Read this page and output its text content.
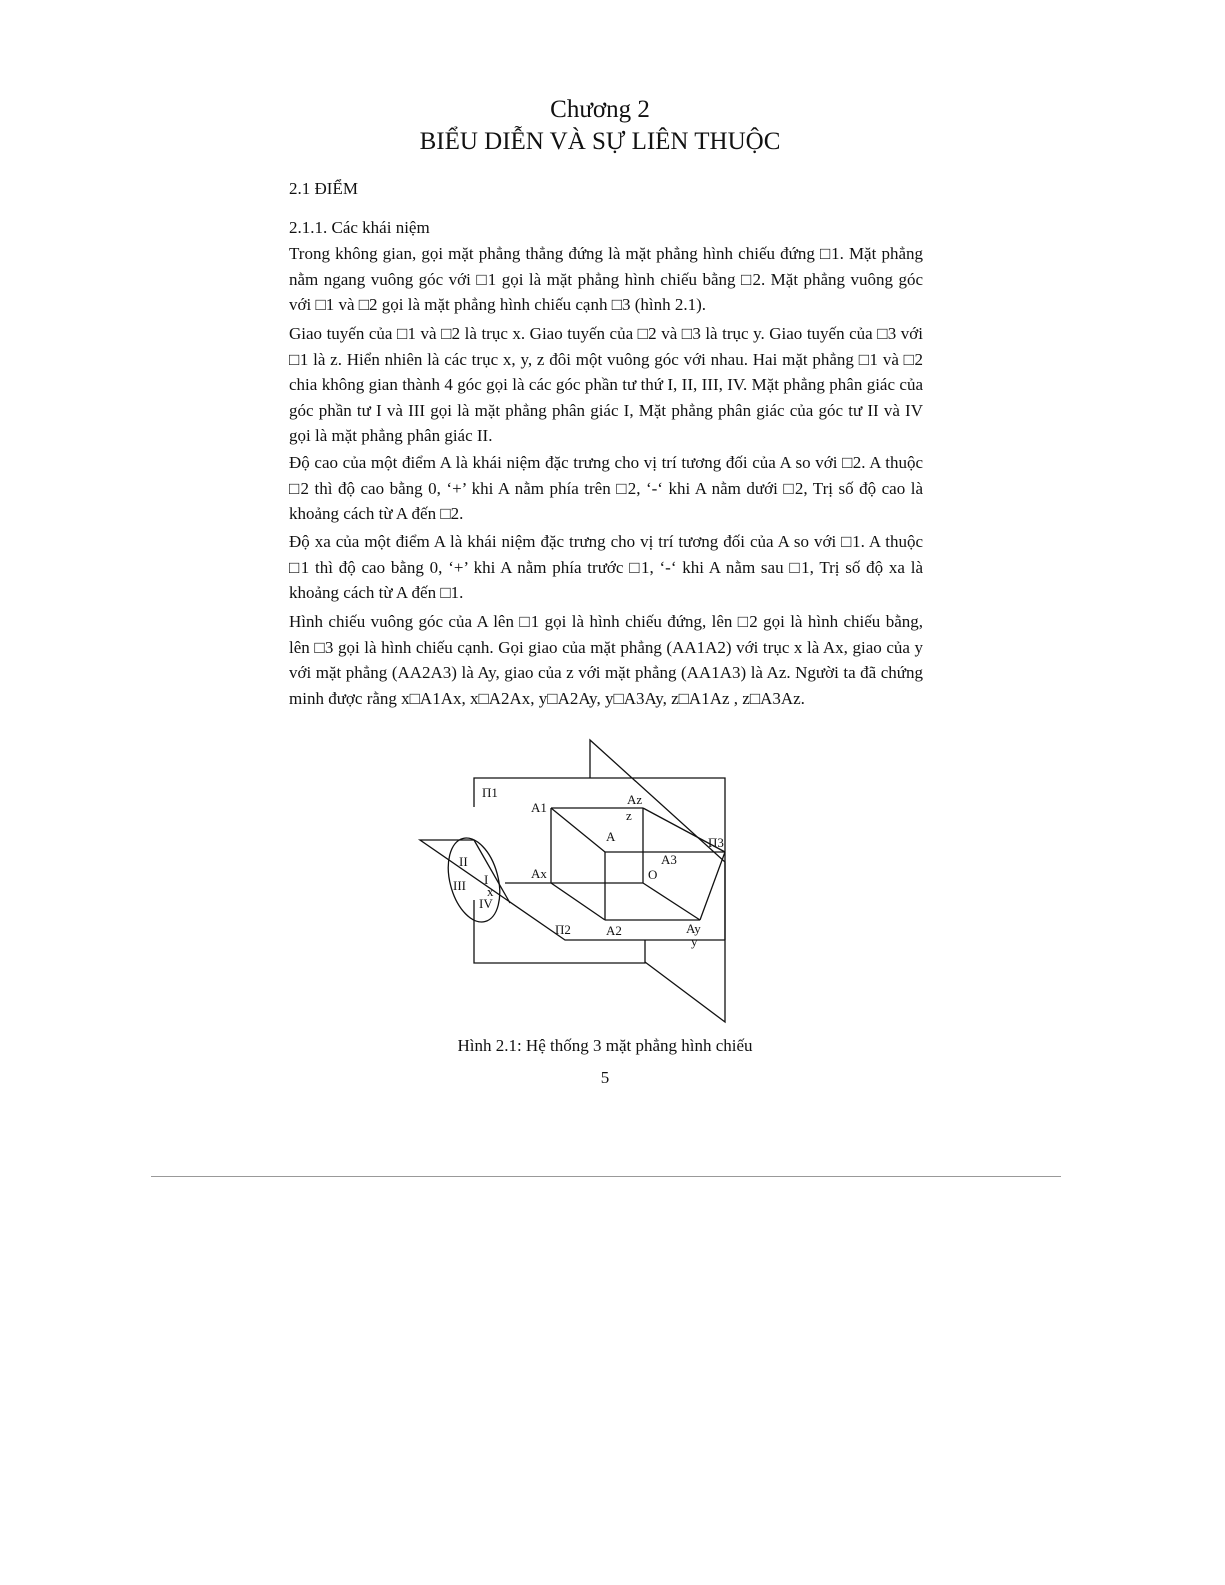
Chương 2
BIỂU DIỄN VÀ SỰ LIÊN THUỘC
2.1 ĐIỂM
2.1.1. Các khái niệm

Trong không gian, gọi mặt phẳng thẳng đứng là mặt phẳng hình chiếu đứng □1. Mặt phẳng nằm ngang vuông góc với □1 gọi là mặt phẳng hình chiếu bằng □2. Mặt phẳng vuông góc với □1 và □2 gọi là mặt phẳng hình chiếu cạnh □3 (hình 2.1).

Giao tuyến của □1 và □2 là trục x. Giao tuyến của □2 và □3 là trục y. Giao tuyến của □3 với □1 là z. Hiển nhiên là các trục x, y, z đôi một vuông góc với nhau. Hai mặt phẳng □1 và □2 chia không gian thành 4 góc gọi là các góc phần tư thứ I, II, III, IV. Mặt phẳng phân giác của góc phần tư I và III gọi là mặt phẳng phân giác I, Mặt phẳng phân giác của góc tư II và IV gọi là mặt phẳng phân giác II.

Độ cao của một điểm A là khái niệm đặc trưng cho vị trí tương đối của A so với □2. A thuộc □2 thì độ cao bằng 0, ‘+’ khi A nằm phía trên □2, ‘-‘ khi A nằm dưới □2, Trị số độ cao là khoảng cách từ A đến □2.

Độ xa của một điểm A là khái niệm đặc trưng cho vị trí tương đối của A so với □1. A thuộc □1 thì độ cao bằng 0, ‘+’ khi A nằm phía trước □1, ‘-‘ khi A nằm sau □1, Trị số độ xa là khoảng cách từ A đến □1.

Hình chiếu vuông góc của A lên □1 gọi là hình chiếu đứng, lên □2 gọi là hình chiếu bằng, lên □3 gọi là hình chiếu cạnh. Gọi giao của mặt phẳng (AA1A2) với trục x là Ax, giao của y với mặt phẳng (AA2A3) là Ay, giao của z với mặt phẳng (AA1A3) là Az. Người ta đã chứng minh được rằng x□A1Ax, x□A2Ax, y□A2Ay, y□A3Ay, z□A1Az , z□A3Az.

Π1
A1
Az
z
A	Π3
A3
O
Ax
II
I
III x
IV
Π2	A2	Ay
y
Hình 2.1: Hệ thống 3 mặt phẳng hình chiếu
5
